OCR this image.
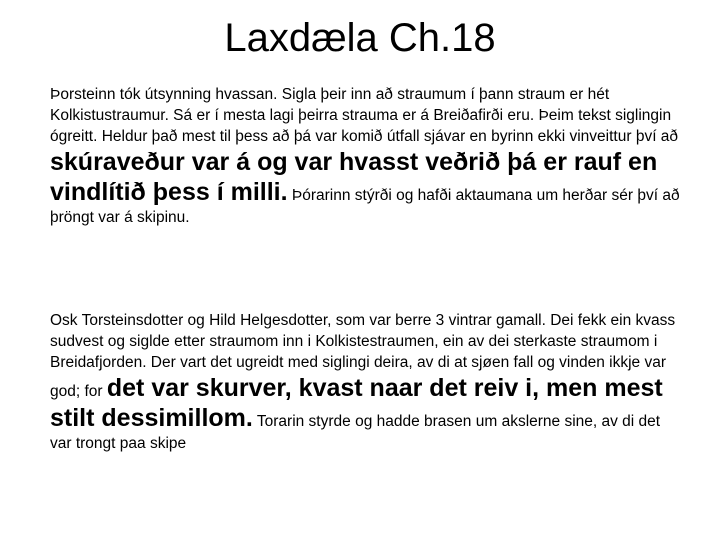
Laxdæla Ch.18

Þorsteinn tók útsynning hvassan. Sigla þeir inn að straumum í þann straum er hét Kolkistustraumur. Sá er í mesta lagi þeirra strauma er á Breiðafirði eru. Þeim tekst siglingin ógreitt. Heldur það mest til þess að þá var komið útfall sjávar en byrinn ekki vinveittur því að skúraveður var á og var hvasst veðrið þá er rauf en vindlítið þess í milli. Þórarinn stýrði og hafði aktaumana um herðar sér því að þröngt var á skipinu.

Osk Torsteinsdotter og Hild Helgesdotter, som var berre 3 vintrar gamall. Dei fekk ein kvass sudvest og siglde etter straumom inn i Kolkistestraumen, ein av dei sterkaste straumom i Breidafjorden. Der vart det ugreidt med siglingi deira, av di at sjøen fall og vinden ikkje var god; for det var skurver, kvast naar det reiv i, men mest stilt dessimillom. Torarin styrde og hadde brasen um akslerne sine, av di det var trongt paa skipe
